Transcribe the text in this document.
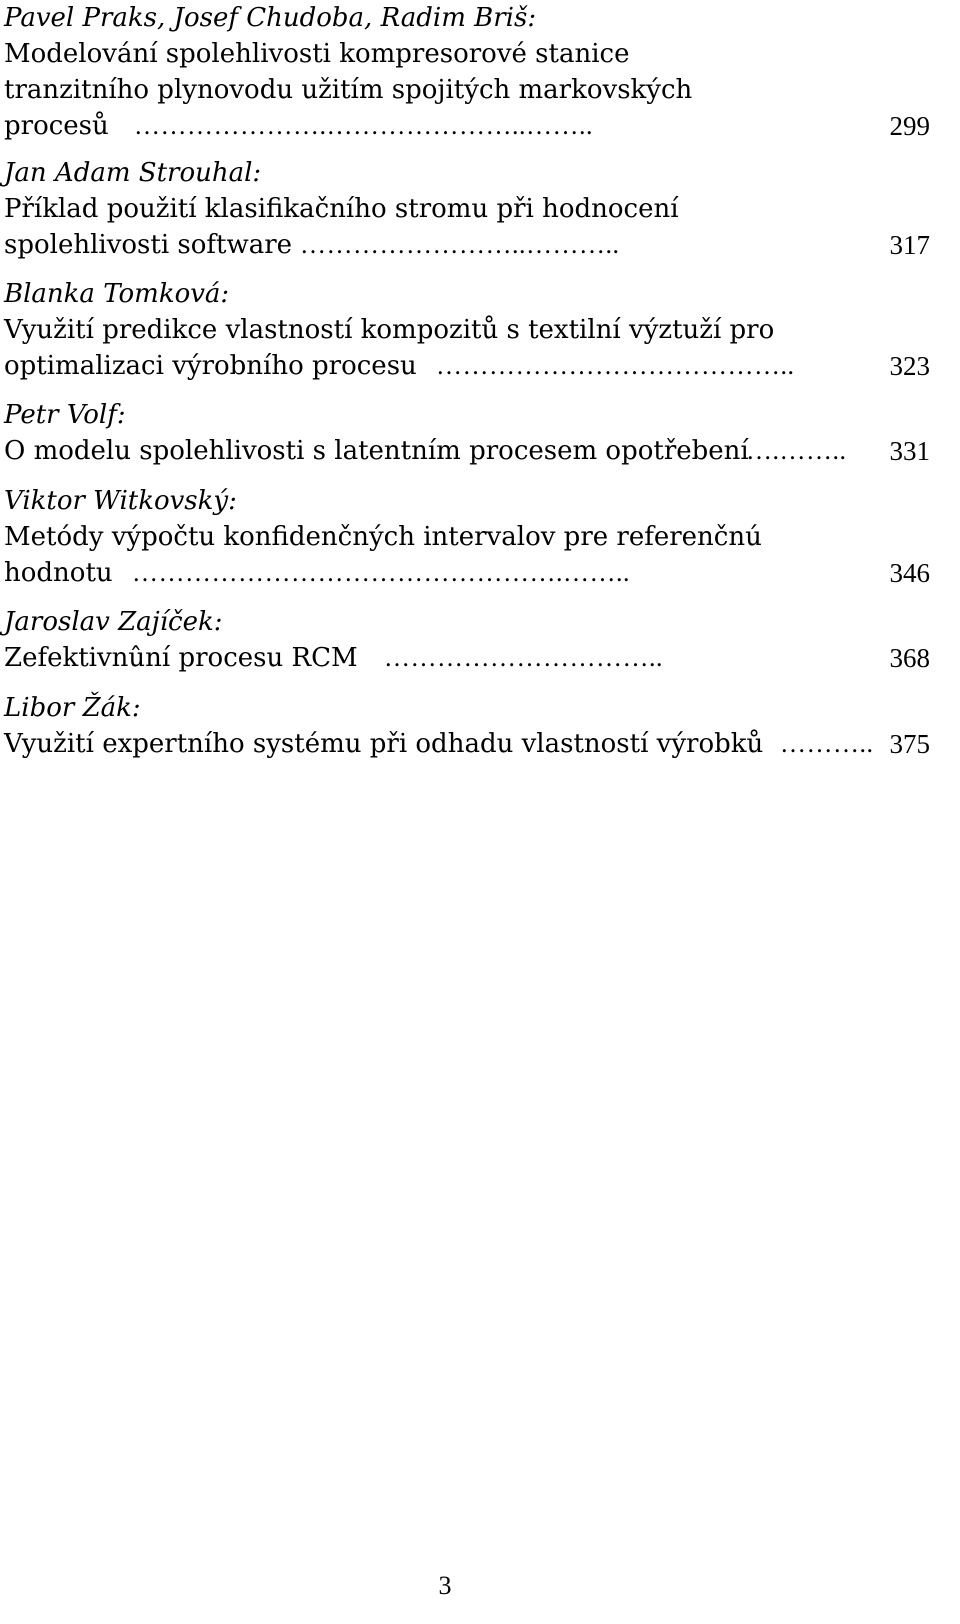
Pavel Praks, Josef Chudoba, Radim Briš:
Modelování spolehlivosti kompresorové stanice
tranzitního plynovodu užitím spojitých markovských
procesů ………………….…………………..……..	299
Jan Adam Strouhal:
Příklad použití klasifikačního stromu při hodnocení
spolehlivosti software ……………………..………..	317
Blanka Tomková:
Využití predikce vlastností kompozitů s textilní výztuží pro
optimalizaci výrobního procesu …………………………………..	323
Petr Volf:
O modelu spolehlivosti s latentním procesem opotřebení
….…….. 331
Viktor Witkovský:
Metódy výpočtu konfidenčných intervalov pre referenčnú
hodnotu ………………………………………….……..	346
Jaroslav Zajíček:
Zefektivnûní procesu RCM …………………………..	368
Libor Žák:
Využití expertního systému při odhadu vlastností výrobků ……….. 375
3
